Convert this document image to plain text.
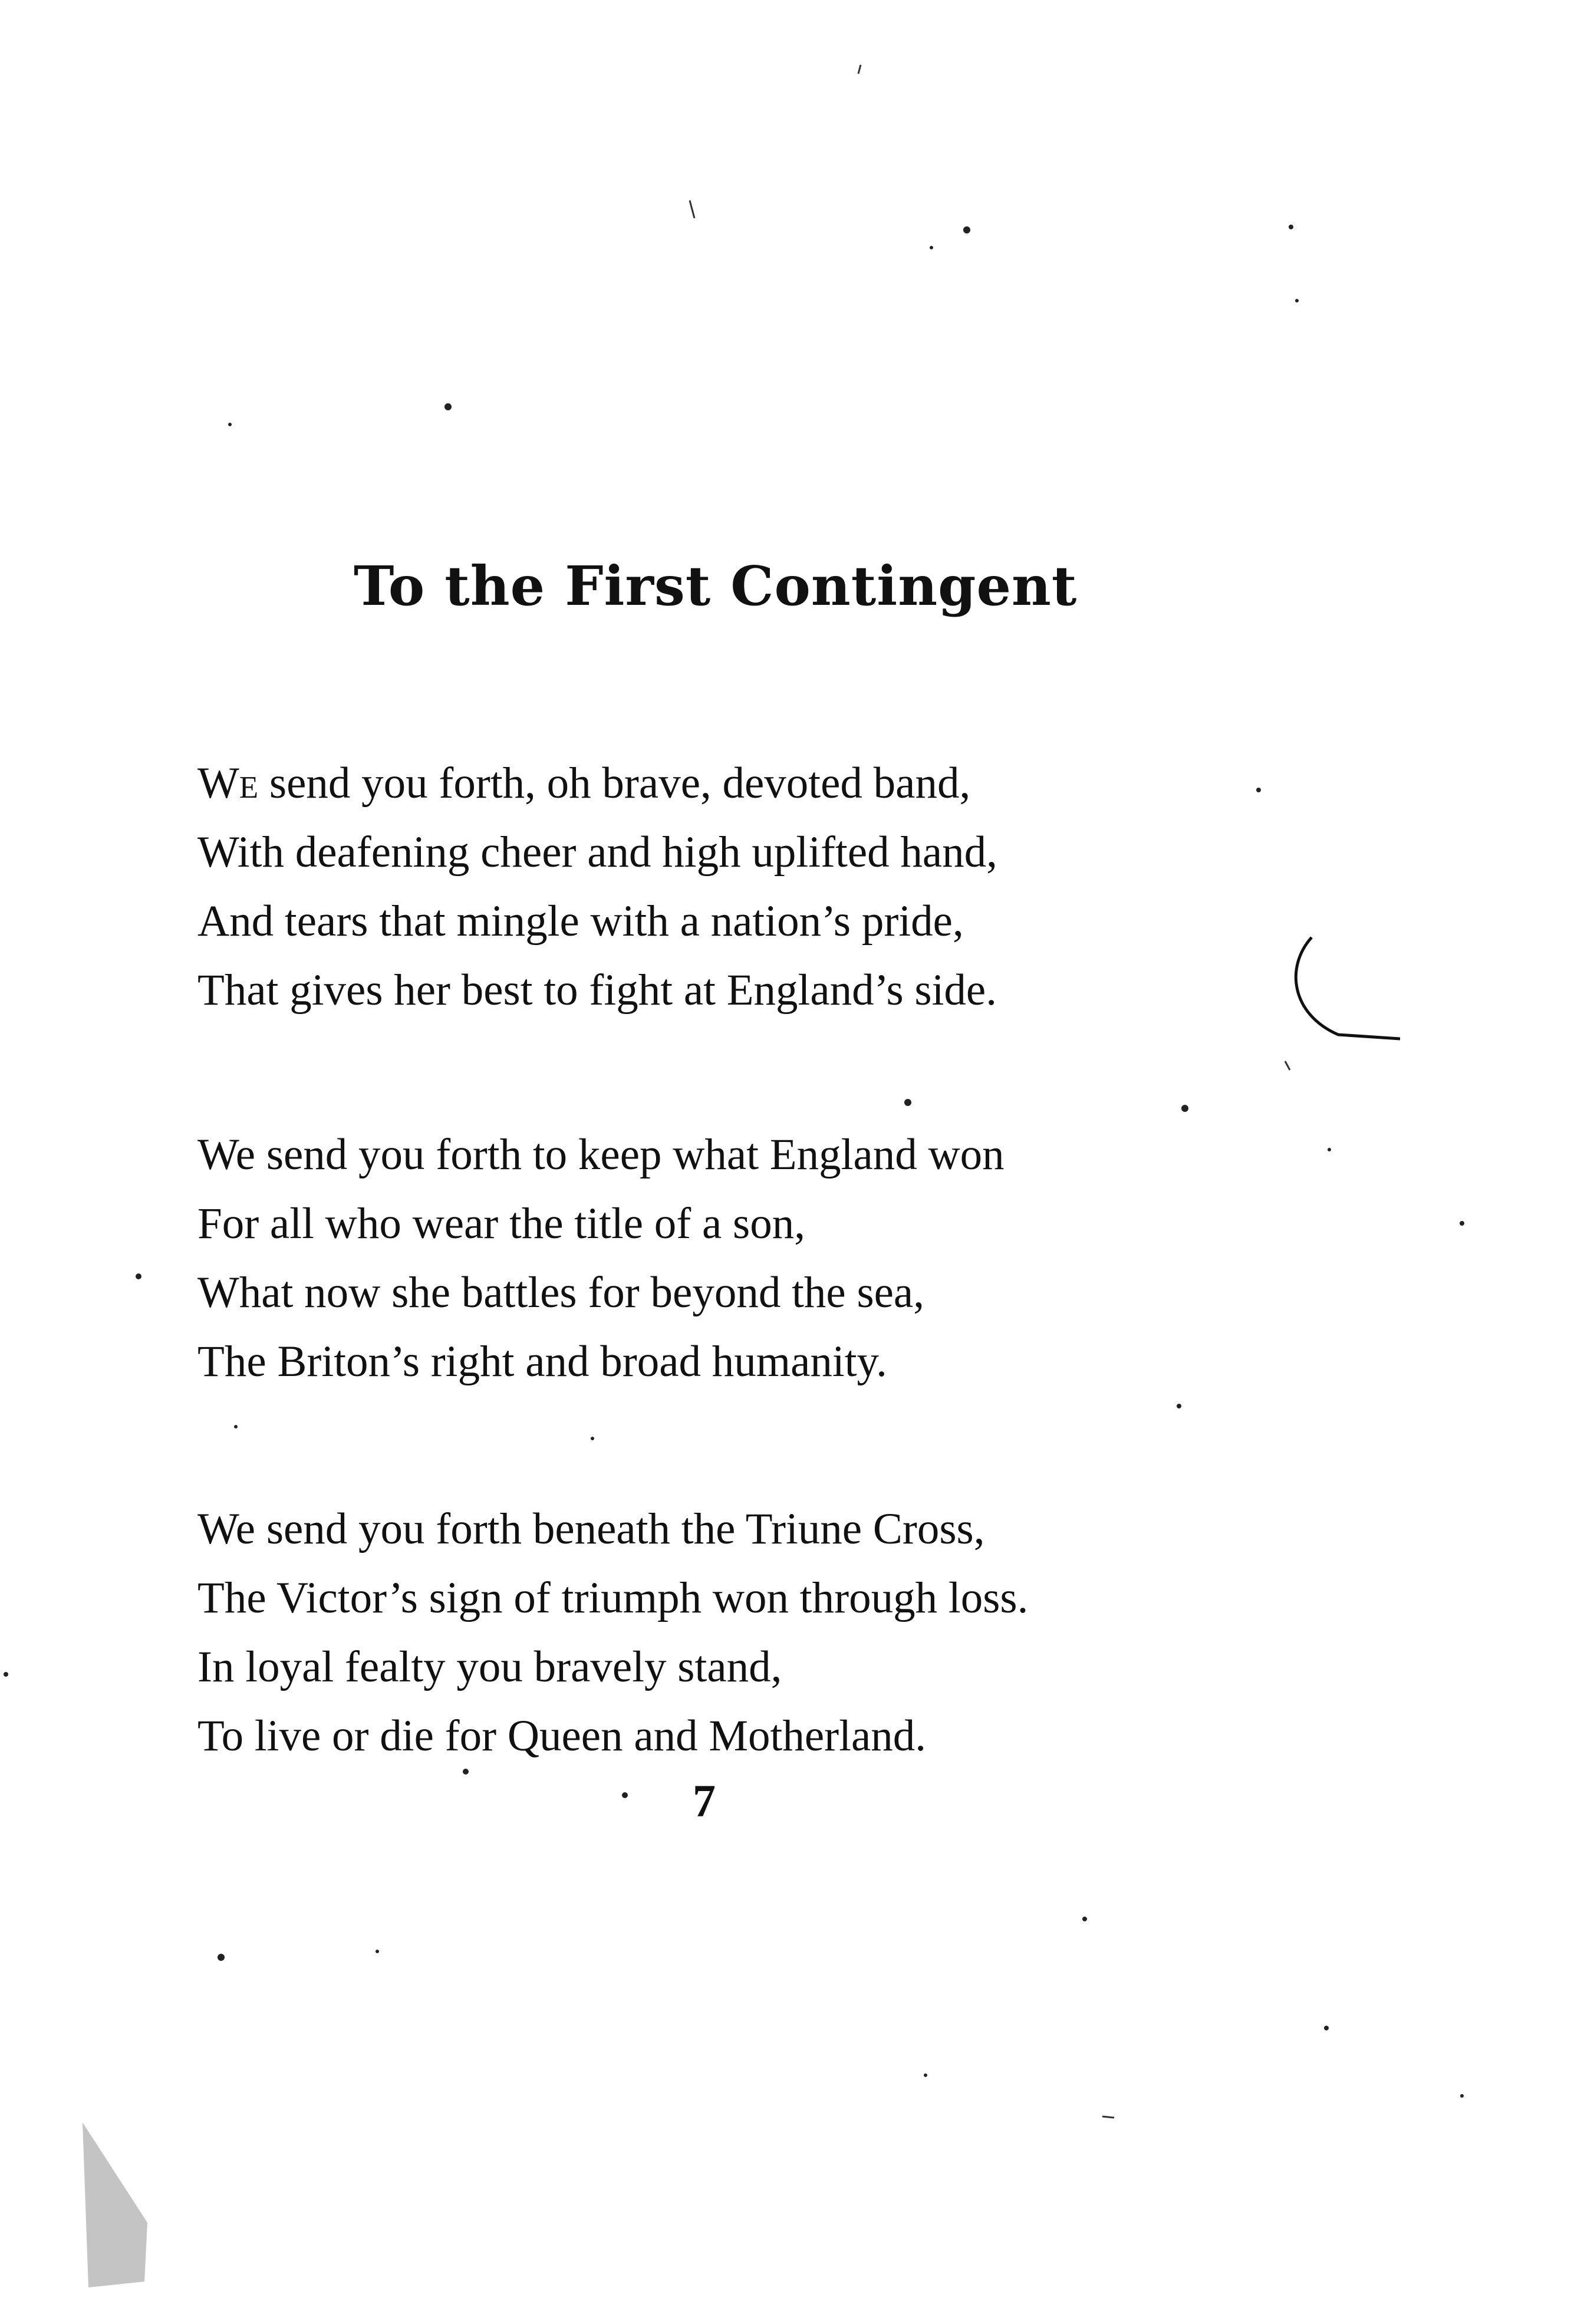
To the First Contingent
We send you forth, oh brave, devoted band,
With deafening cheer and high uplifted hand,
And tears that mingle with a nation’s pride,
That gives her best to fight at England’s side.
We send you forth to keep what England won
For all who wear the title of a son,
What now she battles for beyond the sea,
The Briton’s right and broad humanity.
We send you forth beneath the Triune Cross,
The Victor’s sign of triumph won through loss.
In loyal fealty you bravely stand,
To live or die for Queen and Motherland.

7
